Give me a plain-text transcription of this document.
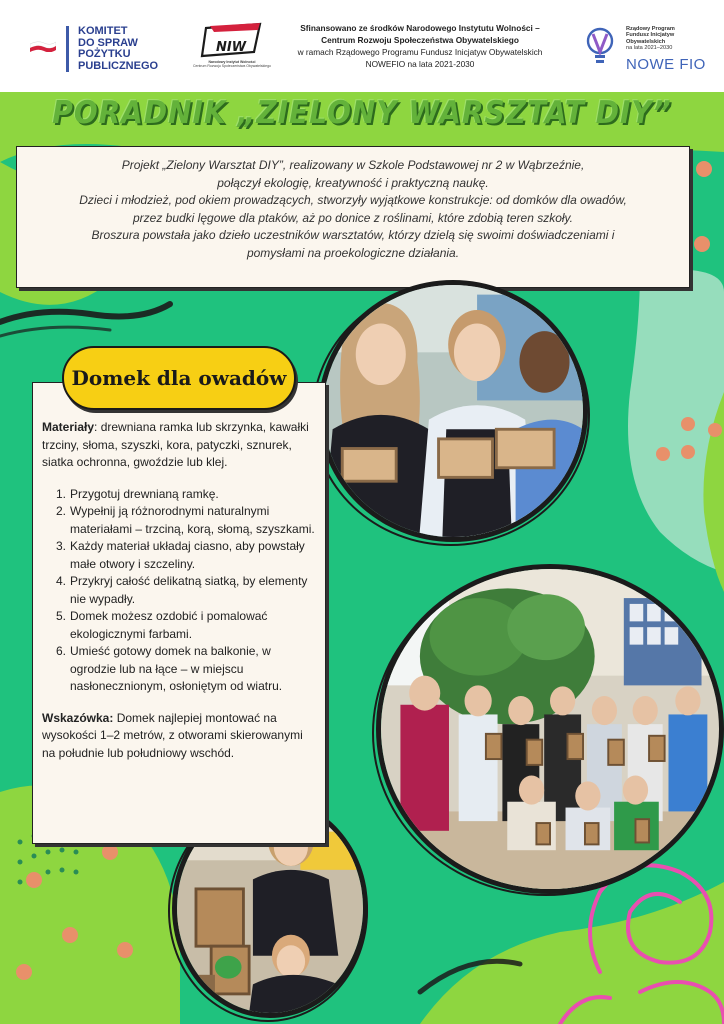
KOMITET
DO SPRAW
POŻYTKU
PUBLICZNEGO
NIW
Narodowy Instytut Wolności
Centrum Rozwoju Społeczeństwa Obywatelskiego
Sfinansowano ze środków Narodowego Instytutu Wolności –
Centrum Rozwoju Społeczeństwa Obywatelskiego
w ramach Rządowego Programu Fundusz Inicjatyw Obywatelskich
NOWEFIO na lata 2021-2030
Rządowy Program
Fundusz Inicjatyw
Obywatelskich
na lata 2021–2030
NOWE FIO
PORADNIK „ZIELONY WARSZTAT DIY”
Projekt „Zielony Warsztat DIY”, realizowany w Szkole Podstawowej nr 2 w Wąbrzeźnie,
połączył ekologię, kreatywność i praktyczną naukę.
Dzieci i młodzież, pod okiem prowadzących, stworzyły wyjątkowe konstrukcje: od domków dla owadów,
przez budki lęgowe dla ptaków, aż po donice z roślinami, które zdobią teren szkoły.
Broszura powstała jako dzieło uczestników warsztatów, którzy dzielą się swoimi doświadczeniami i
pomysłami na proekologiczne działania.

Materiały: drewniana ramka lub skrzynka, kawałki trzciny, słoma, szyszki, kora, patyczki, sznurek, siatka ochronna, gwoździe lub klej.

1. Przygotuj drewnianą ramkę.
2. Wypełnij ją różnorodnymi naturalnymi materiałami – trzciną, korą, słomą, szyszkami.
3. Każdy materiał układaj ciasno, aby powstały małe otwory i szczeliny.
4. Przykryj całość delikatną siatką, by elementy nie wypadły.
5. Domek możesz ozdobić i pomalować ekologicznymi farbami.
6. Umieść gotowy domek na balkonie, w ogrodzie lub na łące – w miejscu nasłonecznionym, osłoniętym od wiatru.

Wskazówka: Domek najlepiej montować na wysokości 1–2 metrów, z otworami skierowanymi na południe lub południowy wschód.

Domek dla owadów
